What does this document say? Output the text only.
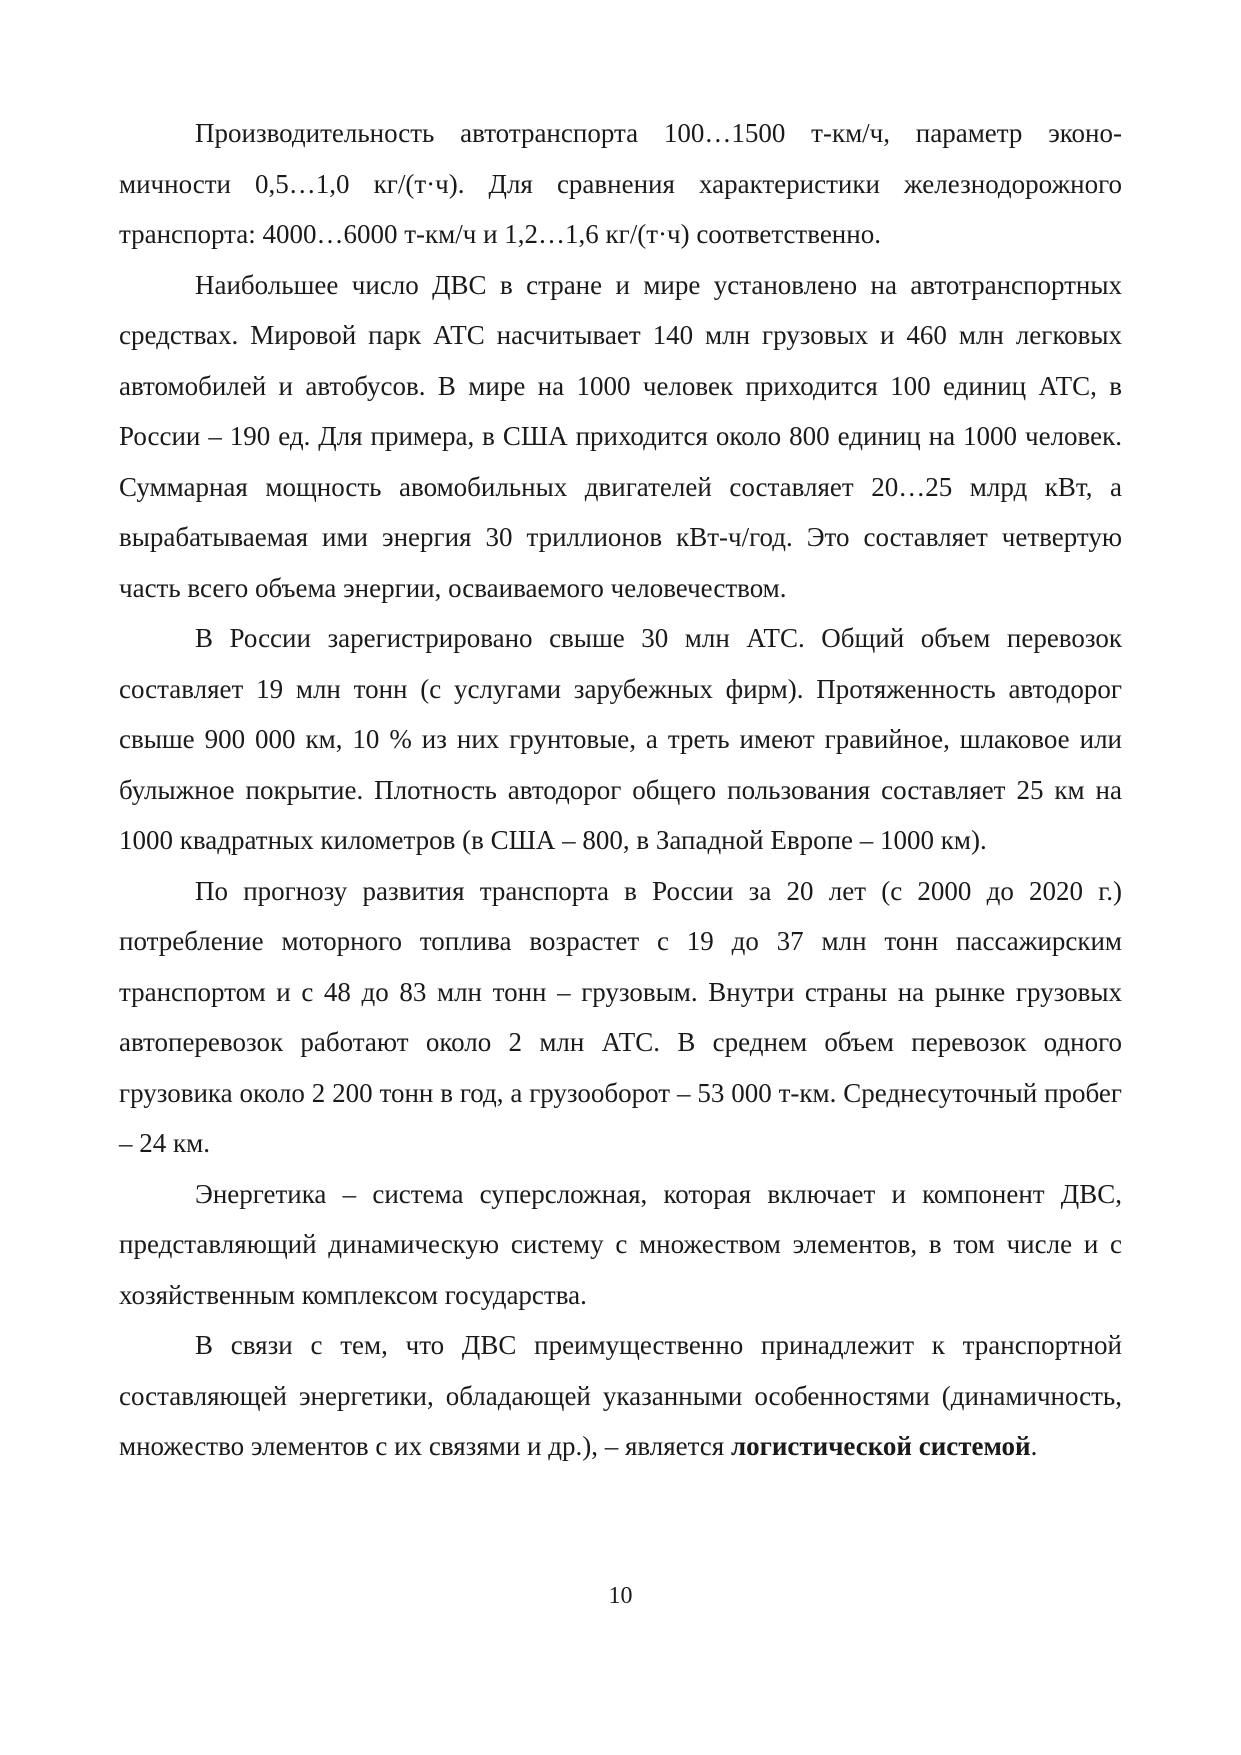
Производительность автотранспорта 100…1500 т-км/ч, параметр экономичности 0,5…1,0 кг/(т·ч). Для сравнения характеристики железнодорожного транспорта: 4000…6000 т-км/ч и 1,2…1,6 кг/(т·ч) соответственно.

Наибольшее число ДВС в стране и мире установлено на автотранспортных средствах. Мировой парк АТС насчитывает 140 млн грузовых и 460 млн легковых автомобилей и автобусов. В мире на 1000 человек приходится 100 единиц АТС, в России – 190 ед. Для примера, в США приходится около 800 единиц на 1000 человек. Суммарная мощность авомобильных двигателей составляет 20…25 млрд кВт, а вырабатываемая ими энергия 30 триллионов кВт-ч/год. Это составляет четвертую часть всего объема энергии, осваиваемого человечеством.

В России зарегистрировано свыше 30 млн АТС. Общий объем перевозок составляет 19 млн тонн (с услугами зарубежных фирм). Протяженность автодорог свыше 900 000 км, 10 % из них грунтовые, а треть имеют гравийное, шлаковое или булыжное покрытие. Плотность автодорог общего пользования составляет 25 км на 1000 квадратных километров (в США – 800, в Западной Европе – 1000 км).

По прогнозу развития транспорта в России за 20 лет (с 2000 до 2020 г.) потребление моторного топлива возрастет с 19 до 37 млн тонн пассажирским транспортом и с 48 до 83 млн тонн – грузовым. Внутри страны на рынке грузовых автоперевозок работают около 2 млн АТС. В среднем объем перевозок одного грузовика около 2 200 тонн в год, а грузооборот – 53 000 т-км. Среднесуточный пробег – 24 км.

Энергетика – система суперсложная, которая включает и компонент ДВС, представляющий динамическую систему с множеством элементов, в том числе и с хозяйственным комплексом государства.

В связи с тем, что ДВС преимущественно принадлежит к транспортной составляющей энергетики, обладающей указанными особенностями (динамичность, множество элементов с их связями и др.), – является логистической системой.

10
